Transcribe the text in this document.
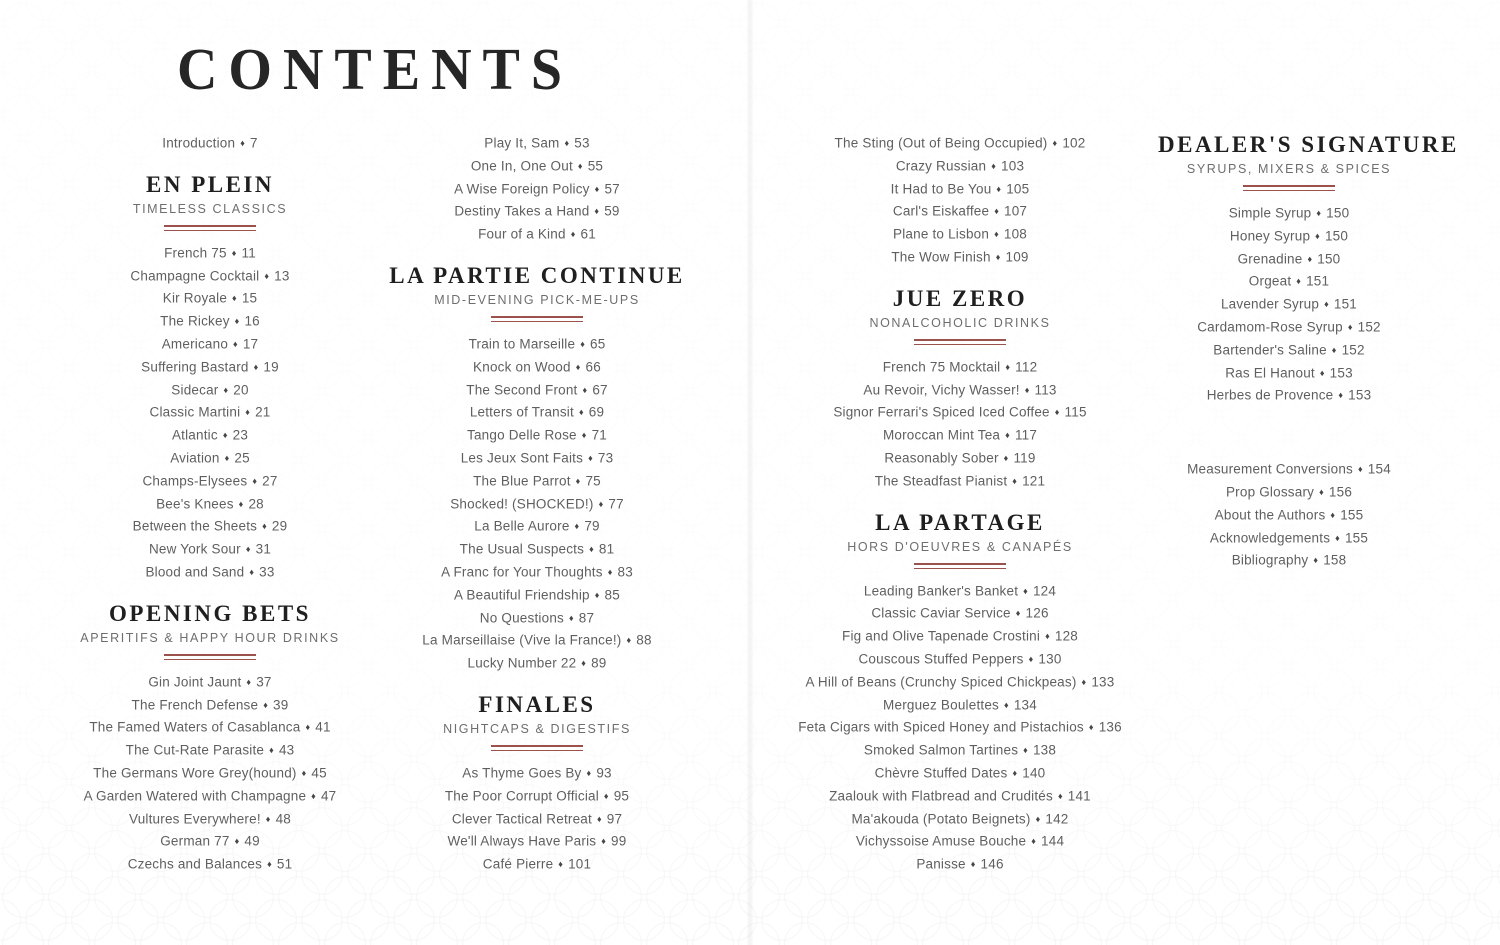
CONTENTS
Introduction ♦ 7
EN PLEIN
TIMELESS CLASSICS
French 75 ♦ 11
Champagne Cocktail ♦ 13
Kir Royale ♦ 15
The Rickey ♦ 16
Americano ♦ 17
Suffering Bastard ♦ 19
Sidecar ♦ 20
Classic Martini ♦ 21
Atlantic ♦ 23
Aviation ♦ 25
Champs-Elysees ♦ 27
Bee's Knees ♦ 28
Between the Sheets ♦ 29
New York Sour ♦ 31
Blood and Sand ♦ 33
OPENING BETS
APERITIFS & HAPPY HOUR DRINKS
Gin Joint Jaunt ♦ 37
The French Defense ♦ 39
The Famed Waters of Casablanca ♦ 41
The Cut-Rate Parasite ♦ 43
The Germans Wore Grey(hound) ♦ 45
A Garden Watered with Champagne ♦ 47
Vultures Everywhere! ♦ 48
German 77 ♦ 49
Czechs and Balances ♦ 51
Play It, Sam ♦ 53
One In, One Out ♦ 55
A Wise Foreign Policy ♦ 57
Destiny Takes a Hand ♦ 59
Four of a Kind ♦ 61
LA PARTIE CONTINUE
MID-EVENING PICK-ME-UPS
Train to Marseille ♦ 65
Knock on Wood ♦ 66
The Second Front ♦ 67
Letters of Transit ♦ 69
Tango Delle Rose ♦ 71
Les Jeux Sont Faits ♦ 73
The Blue Parrot ♦ 75
Shocked! (SHOCKED!) ♦ 77
La Belle Aurore ♦ 79
The Usual Suspects ♦ 81
A Franc for Your Thoughts ♦ 83
A Beautiful Friendship ♦ 85
No Questions ♦ 87
La Marseillaise (Vive la France!) ♦ 88
Lucky Number 22 ♦ 89
FINALES
NIGHTCAPS & DIGESTIFS
As Thyme Goes By ♦ 93
The Poor Corrupt Official ♦ 95
Clever Tactical Retreat ♦ 97
We'll Always Have Paris ♦ 99
Café Pierre ♦ 101
The Sting (Out of Being Occupied) ♦ 102
Crazy Russian ♦ 103
It Had to Be You ♦ 105
Carl's Eiskaffee ♦ 107
Plane to Lisbon ♦ 108
The Wow Finish ♦ 109
JUE ZERO
NONALCOHOLIC DRINKS
French 75 Mocktail ♦ 112
Au Revoir, Vichy Wasser! ♦ 113
Signor Ferrari's Spiced Iced Coffee ♦ 115
Moroccan Mint Tea ♦ 117
Reasonably Sober ♦ 119
The Steadfast Pianist ♦ 121
LA PARTAGE
HORS D'OEUVRES & CANAPÉS
Leading Banker's Banket ♦ 124
Classic Caviar Service ♦ 126
Fig and Olive Tapenade Crostini ♦ 128
Couscous Stuffed Peppers ♦ 130
A Hill of Beans (Crunchy Spiced Chickpeas) ♦ 133
Merguez Boulettes ♦ 134
Feta Cigars with Spiced Honey and Pistachios ♦ 136
Smoked Salmon Tartines ♦ 138
Chèvre Stuffed Dates ♦ 140
Zaalouk with Flatbread and Crudités ♦ 141
Ma'akouda (Potato Beignets) ♦ 142
Vichyssoise Amuse Bouche ♦ 144
Panisse ♦ 146
DEALER'S SIGNATURE
SYRUPS, MIXERS & SPICES
Simple Syrup ♦ 150
Honey Syrup ♦ 150
Grenadine ♦ 150
Orgeat ♦ 151
Lavender Syrup ♦ 151
Cardamom-Rose Syrup ♦ 152
Bartender's Saline ♦ 152
Ras El Hanout ♦ 153
Herbes de Provence ♦ 153
Measurement Conversions ♦ 154
Prop Glossary ♦ 156
About the Authors ♦ 155
Acknowledgements ♦ 155
Bibliography ♦ 158
